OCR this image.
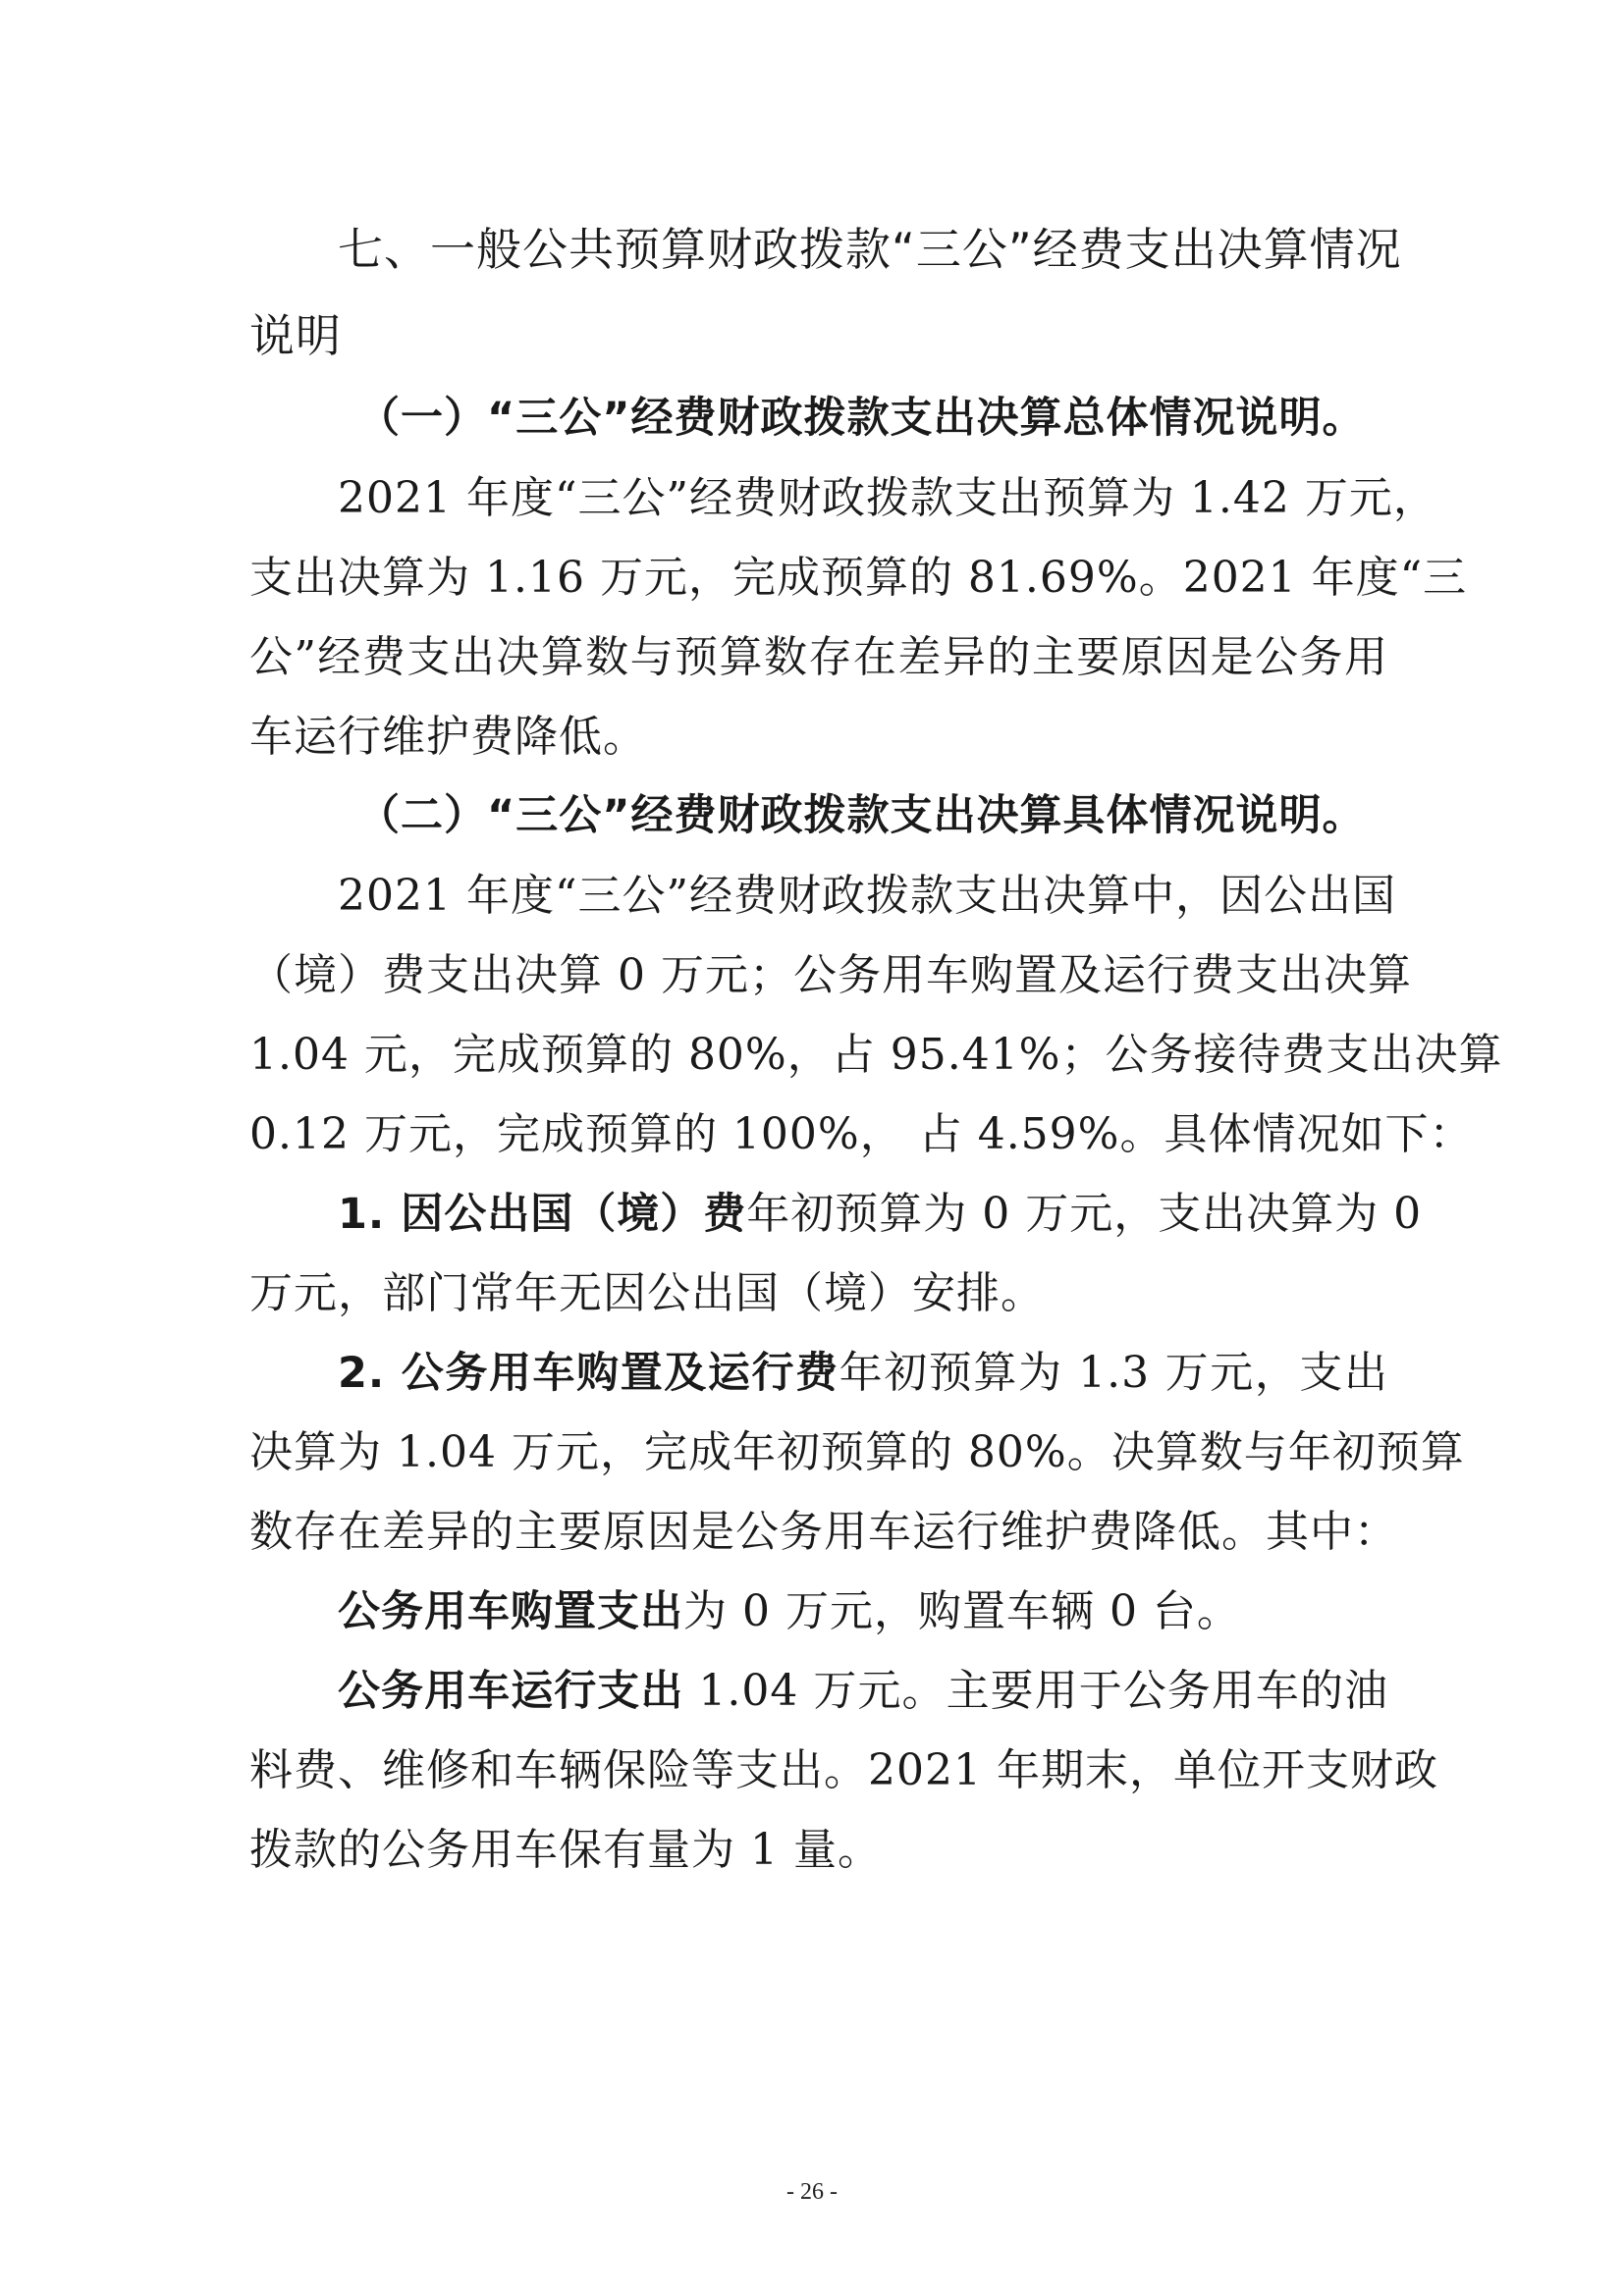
七、一般公共预算财政拨款“三公”经费支出决算情况
说明
（一）“三公”经费财政拨款支出决算总体情况说明。
2021 年度“三公”经费财政拨款支出预算为 1.42 万元，
支出决算为 1.16 万元，完成预算的 81.69%。2021 年度“三
公”经费支出决算数与预算数存在差异的主要原因是公务用
车运行维护费降低。
（二）“三公”经费财政拨款支出决算具体情况说明。
2021 年度“三公”经费财政拨款支出决算中，因公出国
（境）费支出决算 0 万元；公务用车购置及运行费支出决算
1.04 元，完成预算的 80%，占 95.41%；公务接待费支出决算
0.12 万元，完成预算的 100%， 占 4.59%。具体情况如下：
1. 因公出国（境）费年初预算为 0 万元，支出决算为 0
万元，部门常年无因公出国（境）安排。
2. 公务用车购置及运行费年初预算为 1.3 万元，支出
决算为 1.04 万元，完成年初预算的 80%。决算数与年初预算
数存在差异的主要原因是公务用车运行维护费降低。其中：
公务用车购置支出为 0 万元，购置车辆 0 台。
公务用车运行支出 1.04 万元。主要用于公务用车的油
料费、维修和车辆保险等支出。2021 年期末，单位开支财政
拨款的公务用车保有量为 1 量。
- 26 -
